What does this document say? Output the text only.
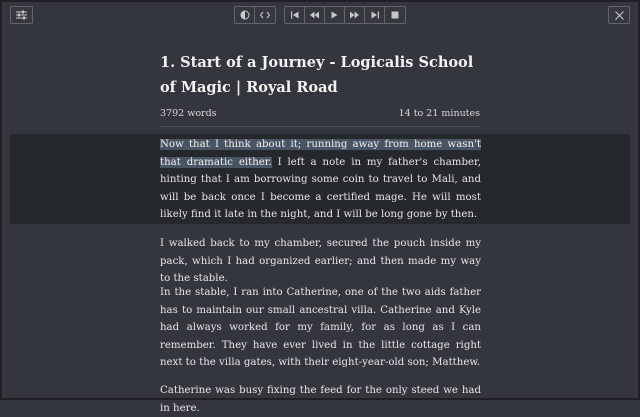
1. Start of a Journey - Logicalis School of Magic | Royal Road
3792 words	14 to 21 minutes

Now that I think about it; running away from home wasn't that dramatic either. I left a note in my father's chamber, hinting that I am borrowing some coin to travel to Mali, and will be back once I become a certified mage. He will most likely find it late in the night, and I will be long gone by then.

I walked back to my chamber, secured the pouch inside my pack, which I had organized earlier; and then made my way to the stable.

In the stable, I ran into Catherine, one of the two aids father has to maintain our small ancestral villa. Catherine and Kyle had always worked for my family, for as long as I can remember. They have ever lived in the little cottage right next to the villa gates, with their eight-year-old son; Matthew.

Catherine was busy fixing the feed for the only steed we had in here.
